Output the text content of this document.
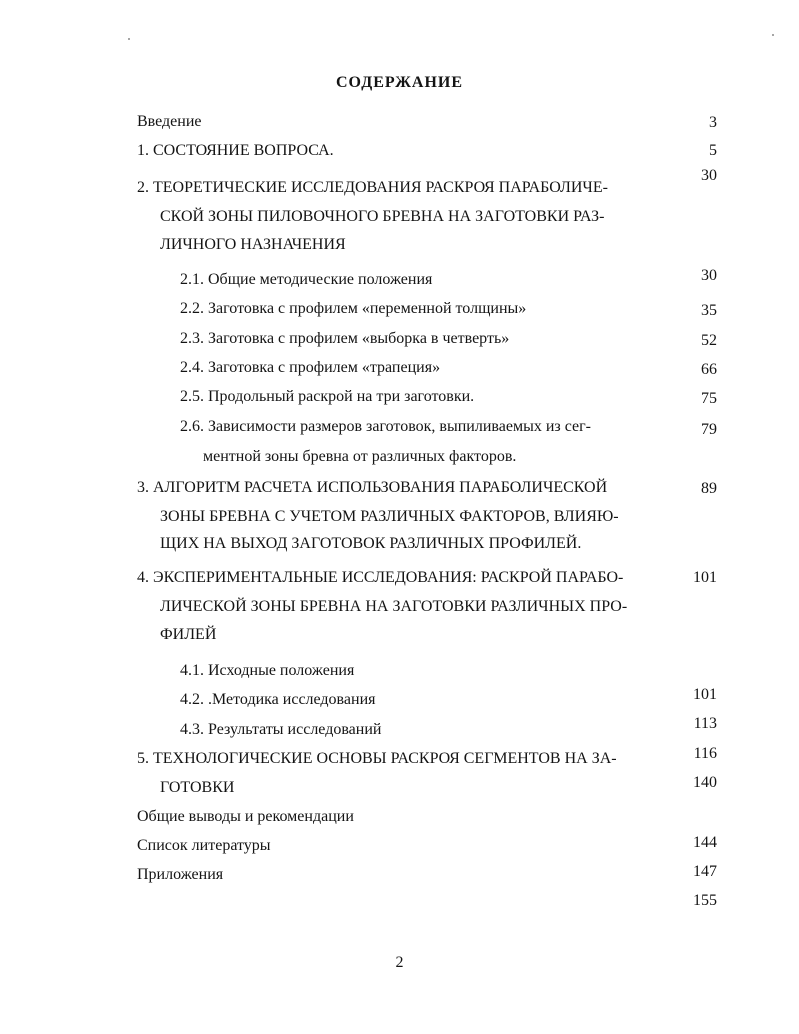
СОДЕРЖАНИЕ
Введение
1. СОСТОЯНИЕ ВОПРОСА.
2. ТЕОРЕТИЧЕСКИЕ ИССЛЕДОВАНИЯ РАСКРОЯ ПАРАБОЛИЧЕ-
СКОЙ ЗОНЫ ПИЛОВОЧНОГО БРЕВНА НА ЗАГОТОВКИ РАЗ-
ЛИЧНОГО НАЗНАЧЕНИЯ
2.1. Общие методические положения
2.2. Заготовка с профилем «переменной толщины»
2.3. Заготовка с профилем «выборка в четверть»
2.4. Заготовка с профилем «трапеция»
2.5. Продольный раскрой на три заготовки.
2.6. Зависимости размеров заготовок, выпиливаемых из сег-
ментной зоны бревна от различных факторов.
3. АЛГОРИТМ РАСЧЕТА ИСПОЛЬЗОВАНИЯ ПАРАБОЛИЧЕСКОЙ
ЗОНЫ БРЕВНА С УЧЕТОМ РАЗЛИЧНЫХ ФАКТОРОВ, ВЛИЯЮ-
ЩИХ НА ВЫХОД ЗАГОТОВОК РАЗЛИЧНЫХ ПРОФИЛЕЙ.
4. ЭКСПЕРИМЕНТАЛЬНЫЕ ИССЛЕДОВАНИЯ: РАСКРОЙ ПАРАБО-
ЛИЧЕСКОЙ ЗОНЫ БРЕВНА НА ЗАГОТОВКИ РАЗЛИЧНЫХ ПРО-
ФИЛЕЙ
4.1. Исходные положения
4.2. .Методика исследования
4.3. Результаты исследований
5. ТЕХНОЛОГИЧЕСКИЕ ОСНОВЫ РАСКРОЯ СЕГМЕНТОВ НА ЗА-
ГОТОВКИ
Общие выводы и рекомендации
Список литературы
Приложения
3
5
30
30
35
52
66
75
79
89
101
101
113
116
140
144
147
155
2
